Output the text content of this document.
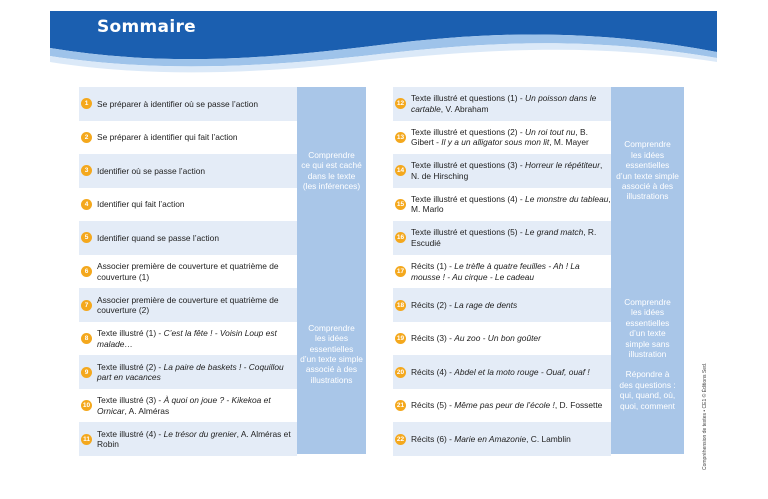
Sommaire
1	Se préparer à identifier où se passe l’action
2	Se préparer à identifier qui fait l’action
3	Identifier où se passe l’action
4	Identifier qui fait l’action
5	Identifier quand se passe l’action
6
Associer première de couverture et quatrième de couverture (1)
7
Associer première de couverture et quatrième de couverture (2)
8
Texte illustré (1) - C’est la fête ! - Voisin Loup est malade…
9
Texte illustré (2) - La paire de baskets ! - Coquillou part en vacances
10
Texte illustré (3) - À quoi on joue ? - Kikekoa et Ornicar, A. Alméras
11
Texte illustré (4) - Le trésor du grenier, A. Alméras et Robin
Comprendre
ce qui est caché
dans le texte
(les inférences)
Comprendre
les idées
essentielles
d’un texte simple
associé à des
illustrations
12
Texte illustré et questions (1) - Un poisson dans le cartable, V. Abraham
13
Texte illustré et questions (2) - Un roi tout nu, B. Gibert - Il y a un alligator sous mon lit, M. Mayer
14
Texte illustré et questions (3) - Horreur le répétiteur, N. de Hirsching
15
Texte illustré et questions (4) - Le monstre du tableau, M. Marlo
16
Texte illustré et questions (5) - Le grand match, R. Escudié
17
Récits (1) - Le trèfle à quatre feuilles - Ah ! La mousse ! - Au cirque - Le cadeau
18 Récits (2) - La rage de dents
19 Récits (3) - Au zoo - Un bon goûter
20 Récits (4) - Abdel et la moto rouge - Ouaf, ouaf !
21 Récits (5) - Même pas peur de l’école !, D. Fossette
22 Récits (6) - Marie en Amazonie, C. Lamblin
Comprendre
les idées
essentielles
d’un texte simple
associé à des
illustrations
Comprendre
les idées
essentielles
d’un texte
simple sans
illustration
Répondre à
des questions :
qui, quand, où,
quoi, comment	Compréhension de textes • CE1 © Éditions Sed.
